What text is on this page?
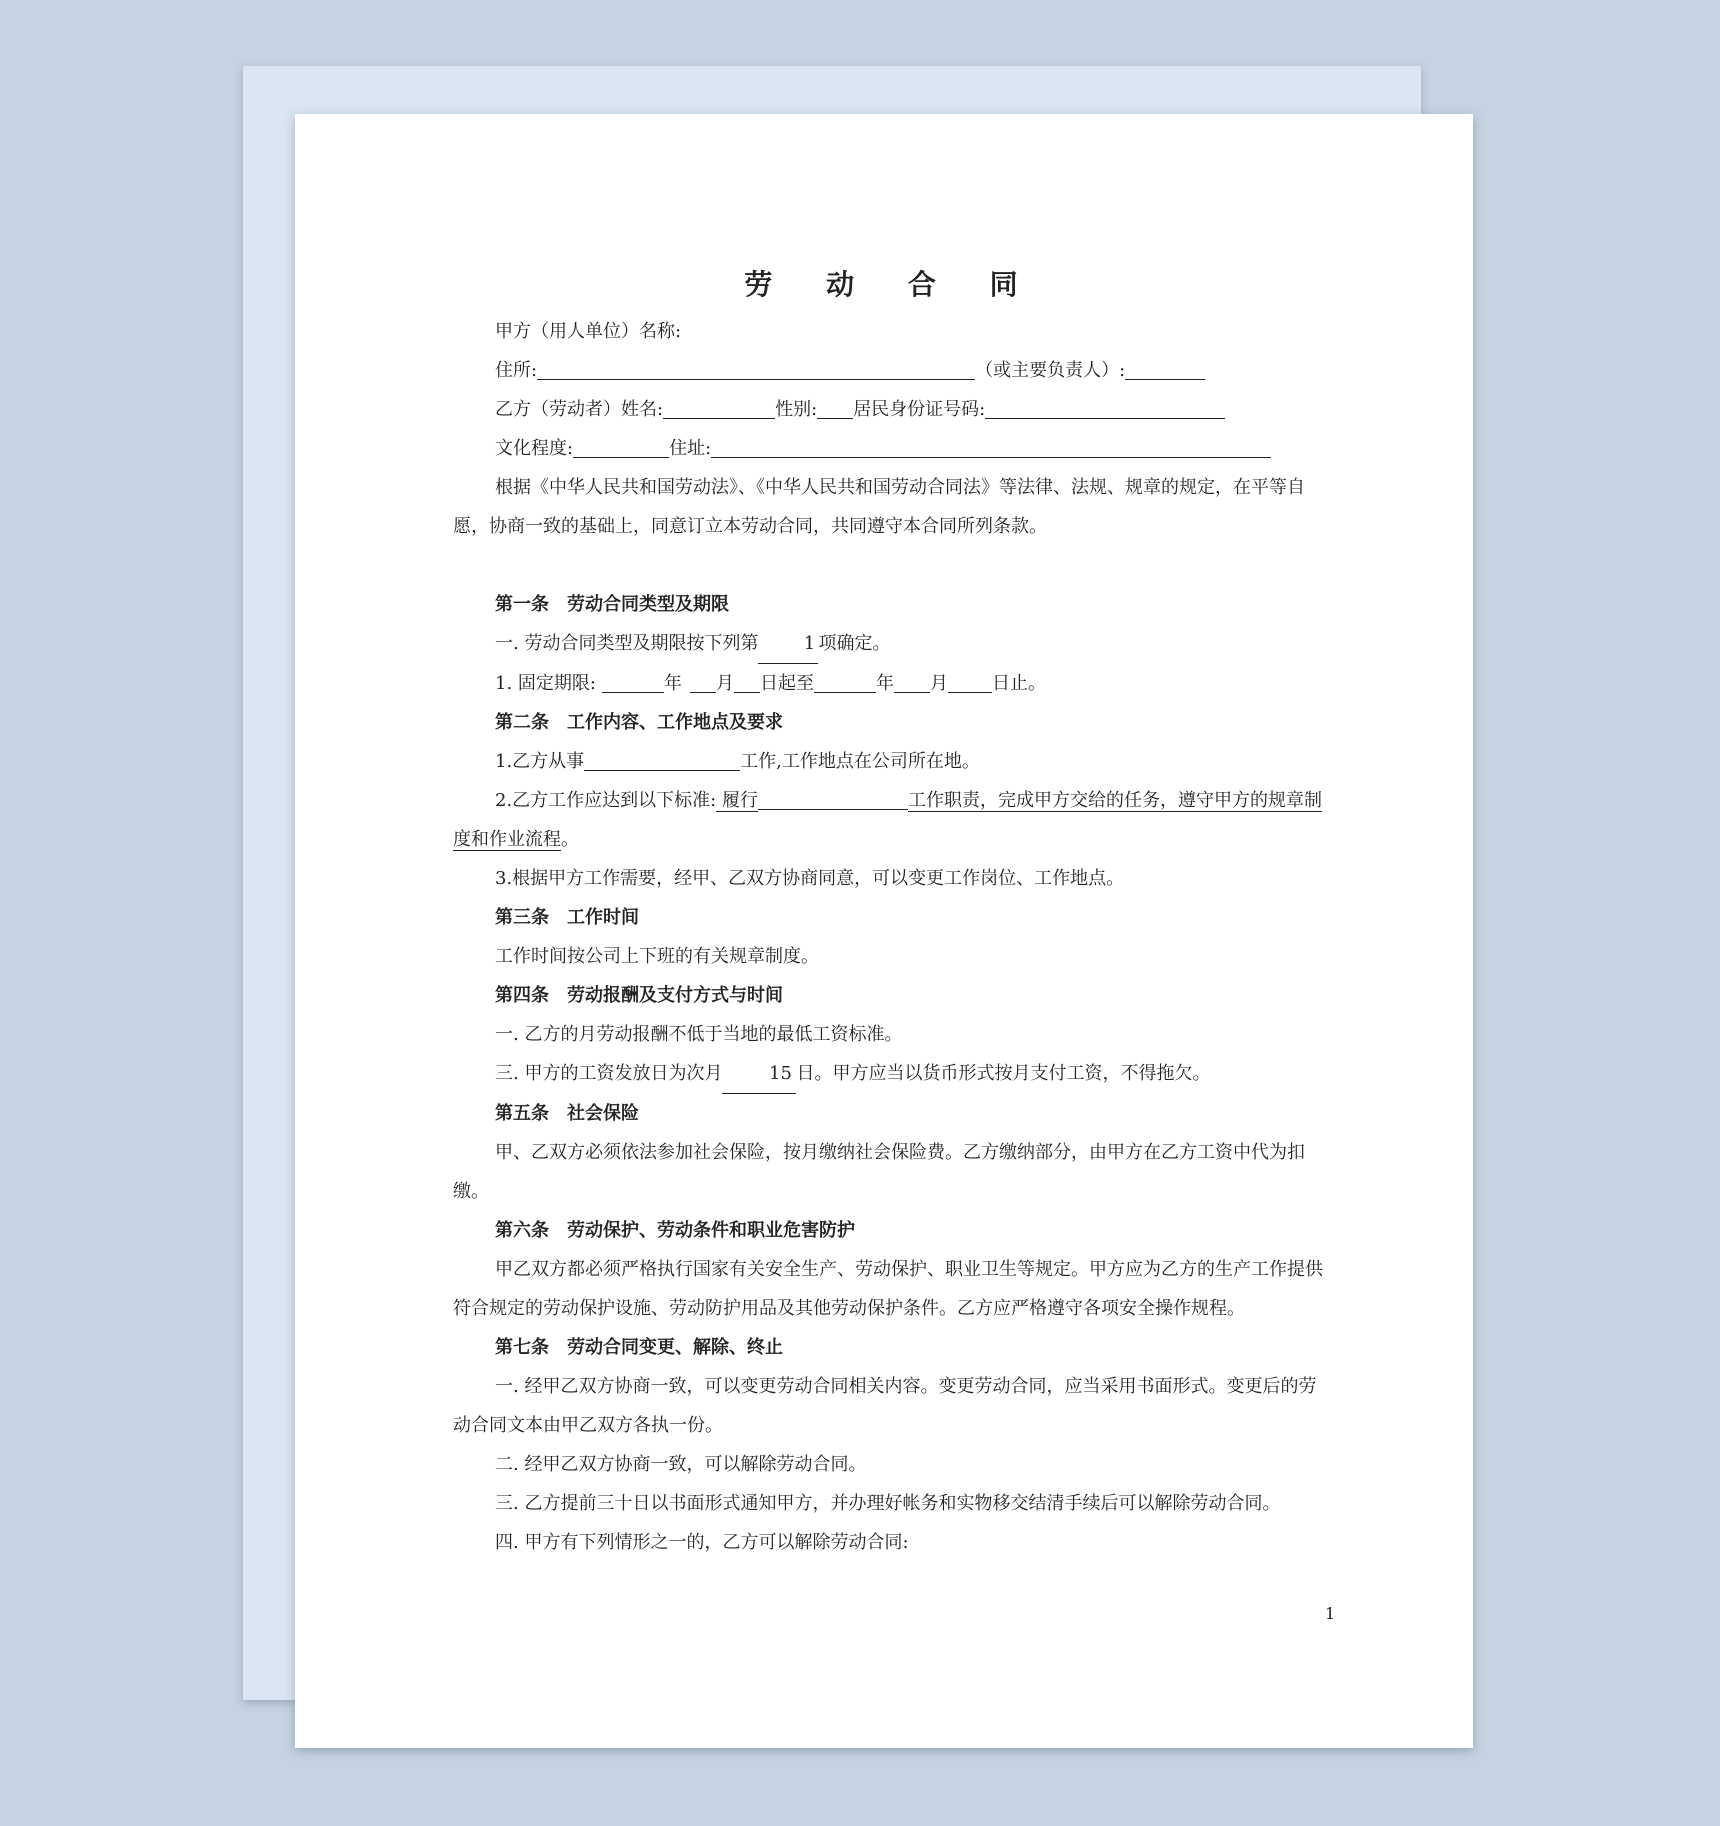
劳 动 合 同

甲方（用人单位）名称:

住所:	（或主要负责人）:

乙方（劳动者）姓名:	性别: 居民身份证号码:

文化程度:	住址:

根据《中华人民共和国劳动法》、《中华人民共和国劳动合同法》等法律、法规、规章的规定，在平等自愿，协商一致的基础上，同意订立本劳动合同，共同遵守本合同所列条款。

第一条　劳动合同类型及期限

一. 劳动合同类型及期限按下列第	1 项确定。

1. 固定期限:	年 月 日起至	年 月 日止。

第二条　工作内容、工作地点及要求

1.乙方从事	工作,工作地点在公司所在地。

2.乙方工作应达到以下标准: 履行	工作职责，完成甲方交给的任务，遵守甲方的规章制度和作业流程。

3.根据甲方工作需要，经甲、乙双方协商同意，可以变更工作岗位、工作地点。

第三条　工作时间

工作时间按公司上下班的有关规章制度。

第四条　劳动报酬及支付方式与时间

一. 乙方的月劳动报酬不低于当地的最低工资标准。

三. 甲方的工资发放日为次月	15 日。甲方应当以货币形式按月支付工资，不得拖欠。

第五条　社会保险

甲、乙双方必须依法参加社会保险，按月缴纳社会保险费。乙方缴纳部分，由甲方在乙方工资中代为扣缴。

第六条　劳动保护、劳动条件和职业危害防护

甲乙双方都必须严格执行国家有关安全生产、劳动保护、职业卫生等规定。甲方应为乙方的生产工作提供符合规定的劳动保护设施、劳动防护用品及其他劳动保护条件。乙方应严格遵守各项安全操作规程。

第七条　劳动合同变更、解除、终止

一. 经甲乙双方协商一致，可以变更劳动合同相关内容。变更劳动合同，应当采用书面形式。变更后的劳动合同文本由甲乙双方各执一份。

二. 经甲乙双方协商一致，可以解除劳动合同。

三. 乙方提前三十日以书面形式通知甲方，并办理好帐务和实物移交结清手续后可以解除劳动合同。

四. 甲方有下列情形之一的，乙方可以解除劳动合同:

1
